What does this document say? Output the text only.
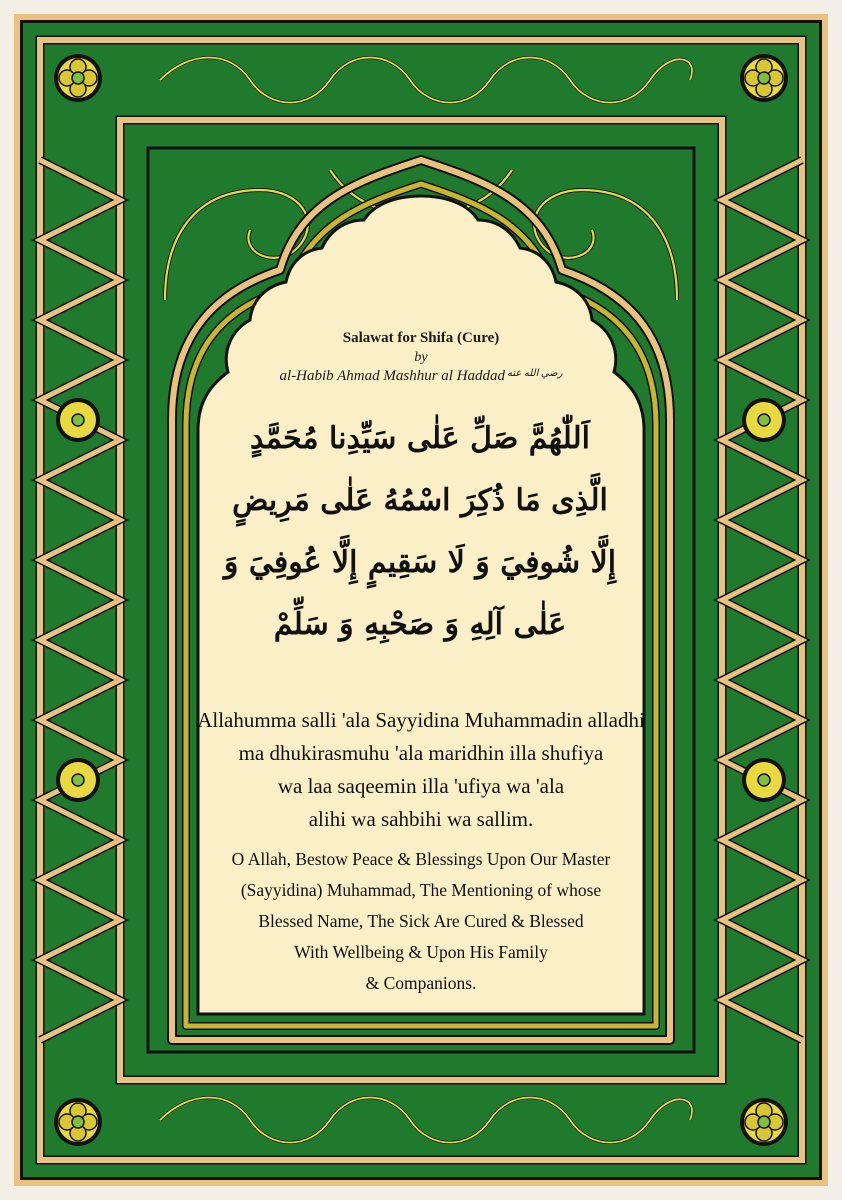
Salawat for Shifa (Cure)
by
al-Habib Ahmad Mashhur al Haddad $^{رضي الله عنه}$
اَللّٰهُمَّ صَلِّ عَلٰى سَيِّدِنا مُحَمَّدٍ
الَّذِى مَا ذُكِرَ اسْمُهُ عَلٰى مَرِيضٍ
إِلَّا شُوفِيَ وَ لَا سَقِيمٍ إِلَّا عُوفِيَ وَ
عَلٰى آلِهِ وَ صَحْبِهِ وَ سَلِّمْ
Allahumma salli 'ala Sayyidina Muhammadin alladhi
ma dhukirasmuhu 'ala maridhin illa shufiya
wa laa saqeemin illa 'ufiya wa 'ala
alihi wa sahbihi wa sallim.
O Allah, Bestow Peace & Blessings Upon Our Master
(Sayyidina) Muhammad, The Mentioning of whose
Blessed Name, The Sick Are Cured & Blessed
With Wellbeing & Upon His Family
& Companions.
